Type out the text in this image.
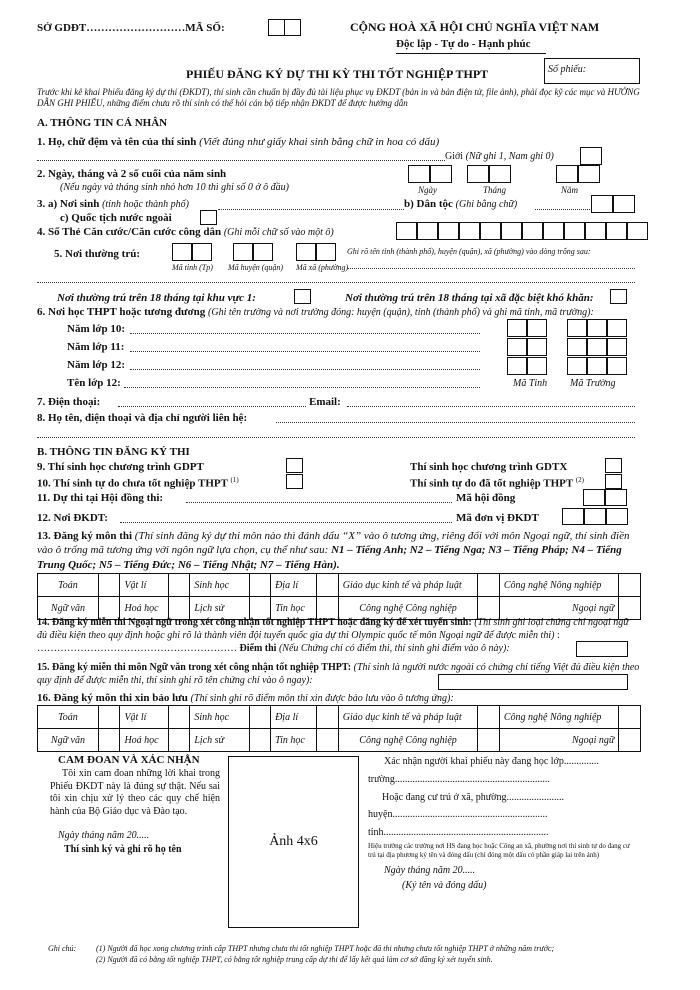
SỞ GDĐT………………………MÃ SỐ:	CỘNG HOÀ XÃ HỘI CHỦ NGHĨA VIỆT NAM
Độc lập - Tự do - Hạnh phúc
PHIẾU ĐĂNG KÝ DỰ THI KỲ THI TỐT NGHIỆP THPT	Số phiếu:
Trước khi kê khai Phiếu đăng ký dự thi (ĐKDT), thí sinh cần chuẩn bị đầy đủ tài liệu phục vụ ĐKDT (bản in và bản điện tử, file ảnh), phải đọc kỹ các mục và HƯỚNG DẪN GHI PHIẾU, những điểm chưa rõ thí sinh có thể hỏi cán bộ tiếp nhận ĐKDT để được hướng dẫn
A. THÔNG TIN CÁ NHÂN
1. Họ, chữ đệm và tên của thí sinh (Viết đúng như giấy khai sinh bằng chữ in hoa có dấu)
Giới (Nữ ghi 1, Nam ghi 0)
2. Ngày, tháng và 2 số cuối của năm sinh
(Nếu ngày và tháng sinh nhỏ hơn 10 thì ghi số 0 ở ô đầu)	Ngày	Tháng	Năm
3. a) Nơi sinh (tỉnh hoặc thành phố)	b) Dân tộc (Ghi bằng chữ)
c) Quốc tịch nước ngoài
4. Số Thẻ Căn cước/Căn cước công dân (Ghi mỗi chữ số vào một ô)
5. Nơi thường trú:	Ghi rõ tên tỉnh (thành phố), huyện (quận), xã (phường) vào dòng trống sau:
Mã tỉnh (Tp) Mã huyện (quận) Mã xã (phường)
Nơi thường trú trên 18 tháng tại khu vực 1:	Nơi thường trú trên 18 tháng tại xã đặc biệt khó khăn:
6. Nơi học THPT hoặc tương đương (Ghi tên trường và nơi trường đóng: huyện (quận), tỉnh (thành phố) và ghi mã tỉnh, mã trường):
Năm lớp 10:
Năm lớp 11:
Năm lớp 12:
Tên lớp 12:	Mã Tỉnh Mã Trường
7. Điện thoại:	Email:
8. Họ tên, điện thoại và địa chỉ người liên hệ:
B. THÔNG TIN ĐĂNG KÝ THI
9. Thí sinh học chương trình GDPT	Thí sinh học chương trình GDTX
10. Thí sinh tự do chưa tốt nghiệp THPT $^{(1)}$	Thí sinh tự do đã tốt nghiệp THPT $^{(2)}$
11. Dự thi tại Hội đồng thi:	Mã hội đồng
12. Nơi ĐKDT:	Mã đơn vị ĐKDT
13. Đăng ký môn thi (Thí sinh đăng ký dự thi môn nào thì đánh dấu “X” vào ô tương ứng, riêng đối với môn Ngoại ngữ, thí sinh điền vào ô trống mã tương ứng với ngôn ngữ lựa chọn, cụ thể như sau: N1 – Tiếng Anh; N2 – Tiếng Nga; N3 – Tiếng Pháp; N4 – Tiếng Trung Quốc; N5 – Tiếng Đức; N6 – Tiếng Nhật; N7 – Tiếng Hàn).
Toán		Vật lí		Sinh học		Địa lí		Giáo dục kinh tế và pháp luật		Công nghệ Nông nghiệp	
Ngữ văn		Hoá học		Lịch sử		Tin học		Công nghệ Công nghiệp		Ngoại ngữ	
14. Đăng ký miễn thi Ngoại ngữ trong xét công nhận tốt nghiệp THPT hoặc đăng ký để xét tuyển sinh: (Thí sinh ghi loại chứng chỉ ngoại ngữ đủ điều kiện theo quy định hoặc ghi rõ là thành viên đội tuyển quốc gia dự thi Olympic quốc tế môn Ngoại ngữ để được miễn thi) : …………………………………………………… Điểm thi (Nếu Chứng chỉ có điểm thi, thí sinh ghi điểm vào ô này):
15. Đăng ký miễn thi môn Ngữ văn trong xét công nhận tốt nghiệp THPT: (Thí sinh là người nước ngoài có chứng chỉ tiếng Việt đủ điều kiện theo quy định để được miễn thi, thí sinh ghi rõ tên chứng chỉ vào ô ngay):
16. Đăng ký môn thi xin bảo lưu (Thí sinh ghi rõ điểm môn thi xin được bảo lưu vào ô tương ứng):
Toán		Vật lí		Sinh học		Địa lí		Giáo dục kinh tế và pháp luật		Công nghệ Nông nghiệp	
Ngữ văn		Hoá học		Lịch sử		Tin học		Công nghệ Công nghiệp		Ngoại ngữ	
CAM ĐOAN VÀ XÁC NHẬN
Tôi xin cam đoan những lời khai trong Phiếu ĐKDT này là đúng sự thật. Nếu sai tôi xin chịu xử lý theo các quy chế hiện hành của Bộ Giáo dục và Đào tạo.
Ngày tháng năm 20.....
Thí sinh ký và ghi rõ họ tên
Ảnh 4x6
Xác nhận người khai phiếu này đang học lớp..............
trường..............................................................
Hoặc đang cư trú ở xã, phường.......................
huyện..............................................................
tỉnh..................................................................
Hiệu trưởng các trường nơi HS đang học hoặc Công an xã, phường nơi thí sinh tự do đang cư trú tại địa phương ký tên và đóng dấu (chỉ đóng một dấu có phần giáp lai trên ảnh)
Ngày tháng năm 20.....
(Ký tên và đóng dấu)
Ghi chú: (1) Người đã học xong chương trình cấp THPT nhưng chưa thi tốt nghiệp THPT hoặc đã thi nhưng chưa tốt nghiệp THPT ở những năm trước;
(2) Người đã có bằng tốt nghiệp THPT, có bằng tốt nghiệp trung cấp dự thi để lấy kết quả làm cơ sở đăng ký xét tuyển sinh.
